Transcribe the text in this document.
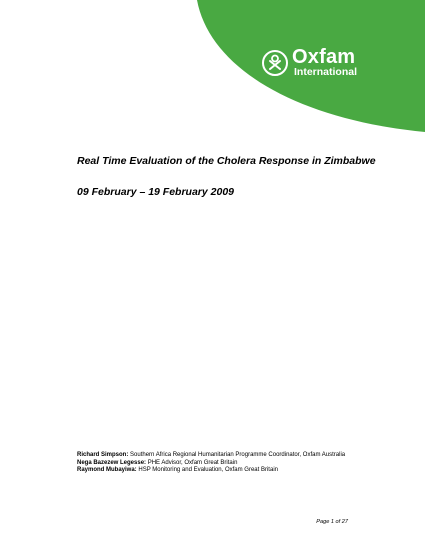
Oxfam
International
Real Time Evaluation of the Cholera Response in Zimbabwe
09 February – 19 February 2009

Richard Simpson: Southern Africa Regional Humanitarian Programme Coordinator, Oxfam Australia

Nega Bazezew Legesse: PHE Advisor, Oxfam Great Britain

Raymond Mubayiwa: HSP Monitoring and Evaluation, Oxfam Great Britain

Page 1 of 27
